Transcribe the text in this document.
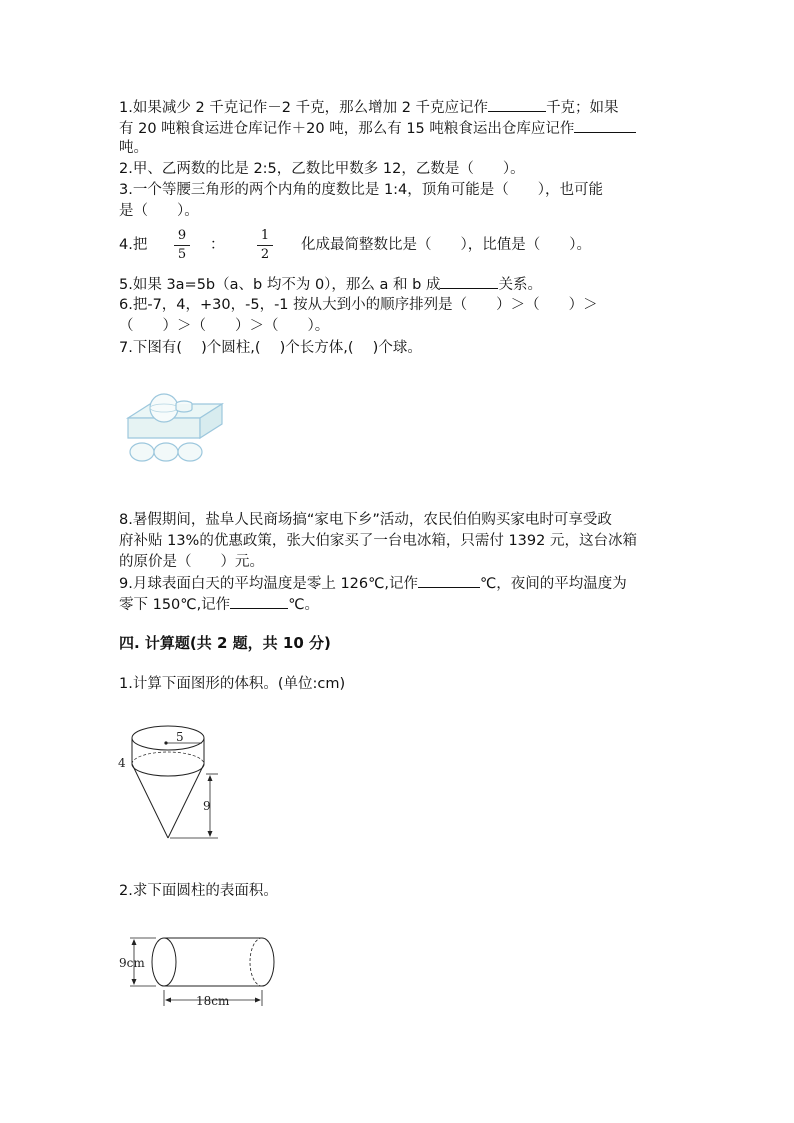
1.如果减少 2 千克记作－2 千克，那么增加 2 千克应记作	千克；如果
有 20 吨粮食运进仓库记作＋20 吨，那么有 15 吨粮食运出仓库应记作
吨。
2.甲、乙两数的比是 2:5，乙数比甲数多 12，乙数是（　　）。
3.一个等腰三角形的两个内角的度数比是 1:4，顶角可能是（　　），也可能
是（　　）。
4.把
9
5
：
1
2
化成最简整数比是（　　），比值是（　　）。
5.如果 3a=5b（a、b 均不为 0），那么 a 和 b 成	关系。
6.把-7，4，+30，-5，-1 按从大到小的顺序排列是（　　）＞（　　）＞
（　　）＞（　　）＞（　　）。
7.下图有(　 )个圆柱,(　 )个长方体,(　 )个球。
8.暑假期间，盐阜人民商场搞“家电下乡”活动，农民伯伯购买家电时可享受政
府补贴 13%的优惠政策，张大伯家买了一台电冰箱，只需付 1392 元，这台冰箱
的原价是（　　）元。
9.月球表面白天的平均温度是零上 126℃,记作	℃，夜间的平均温度为
零下 150℃,记作	℃。
四. 计算题(共 2 题，共 10 分)
1.计算下面图形的体积。(单位:cm)
5
4
9
2.求下面圆柱的表面积。
9cm
18cm
